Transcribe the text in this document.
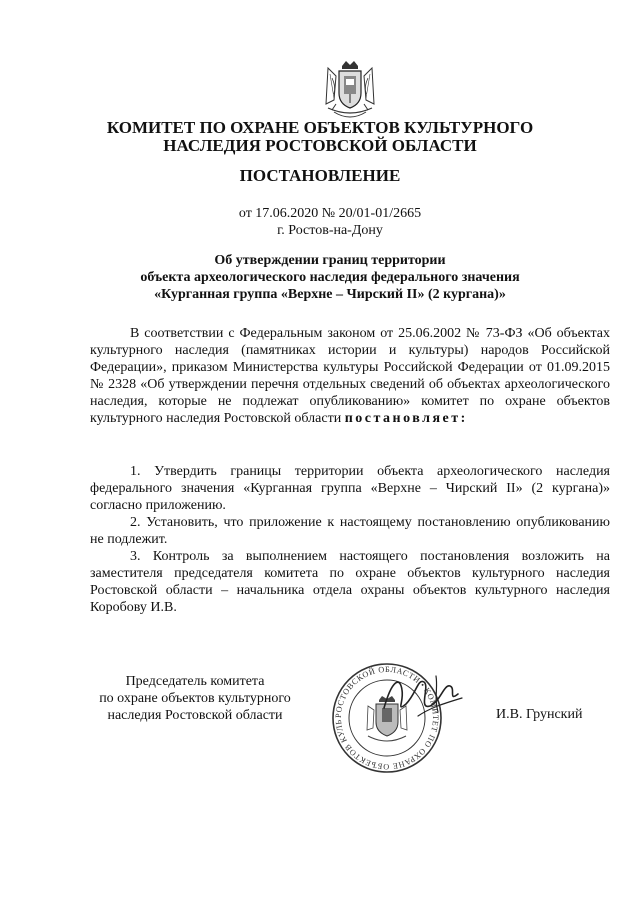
КОМИТЕТ ПО ОХРАНЕ ОБЪЕКТОВ КУЛЬТУРНОГО
НАСЛЕДИЯ РОСТОВСКОЙ ОБЛАСТИ
ПОСТАНОВЛЕНИЕ
от 17.06.2020 № 20/01-01/2665
г. Ростов-на-Дону
Об утверждении границ территории
объекта археологического наследия федерального значения
«Курганная группа «Верхне – Чирский II» (2 кургана)»

В соответствии с Федеральным законом от 25.06.2002 № 73-ФЗ «Об объектах культурного наследия (памятниках истории и культуры) народов Российской Федерации», приказом Министерства культуры Российской Федерации от 01.09.2015 № 2328 «Об утверждении перечня отдельных сведений об объектах археологического наследия, которые не подлежат опубликованию» комитет по охране объектов культурного наследия Ростовской области постановляет:

1. Утвердить границы территории объекта археологического наследия федерального значения «Курганная группа «Верхне – Чирский II» (2 кургана)» согласно приложению.

2. Установить, что приложение к настоящему постановлению опубликованию не подлежит.

3. Контроль за выполнением настоящего постановления возложить на заместителя председателя комитета по охране объектов культурного наследия Ростовской области – начальника отдела охраны объектов культурного наследия Коробову И.В.

Председатель комитета
по охране объектов культурного
наследия Ростовской области	РОСТОВСКОЙ ОБЛАСТИ • КОМИТЕТ ПО ОХРАНЕ ОБЪЕКТОВ КУЛЬ
И.В. Грунский
